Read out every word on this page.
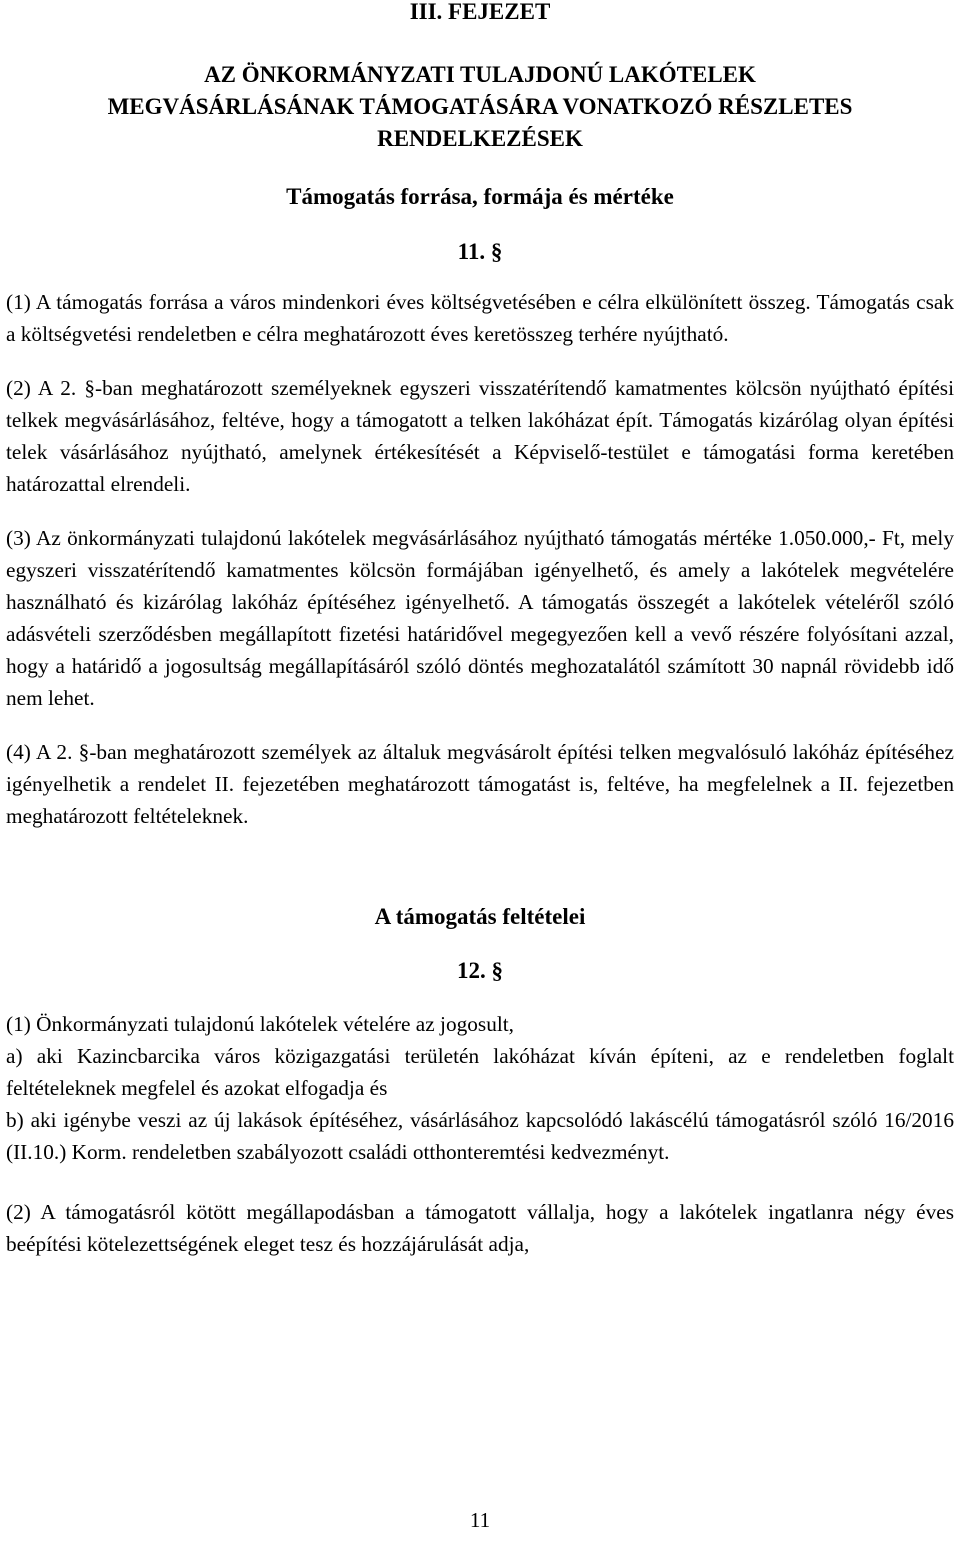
III. FEJEZET

AZ ÖNKORMÁNYZATI TULAJDONÚ LAKÓTELEK

MEGVÁSÁRLÁSÁNAK TÁMOGATÁSÁRA VONATKOZÓ RÉSZLETES

RENDELKEZÉSEK

Támogatás forrása, formája és mértéke

11. §

(1) A támogatás forrása a város mindenkori éves költségvetésében e célra elkülönített összeg. Támogatás csak a költségvetési rendeletben e célra meghatározott éves keretösszeg terhére nyújtható.

(2) A 2. §-ban meghatározott személyeknek egyszeri visszatérítendő kamatmentes kölcsön nyújtható építési telkek megvásárlásához, feltéve, hogy a támogatott a telken lakóházat épít. Támogatás kizárólag olyan építési telek vásárlásához nyújtható, amelynek értékesítését a Képviselő-testület e támogatási forma keretében határozattal elrendeli.

(3) Az önkormányzati tulajdonú lakótelek megvásárlásához nyújtható támogatás mértéke 1.050.000,- Ft, mely egyszeri visszatérítendő kamatmentes kölcsön formájában igényelhető, és amely a lakótelek megvételére használható és kizárólag lakóház építéséhez igényelhető. A támogatás összegét a lakótelek vételéről szóló adásvételi szerződésben megállapított fizetési határidővel megegyezően kell a vevő részére folyósítani azzal, hogy a határidő a jogosultság megállapításáról szóló döntés meghozatalától számított 30 napnál rövidebb idő nem lehet.

(4) A 2. §-ban meghatározott személyek az általuk megvásárolt építési telken megvalósuló lakóház építéséhez igényelhetik a rendelet II. fejezetében meghatározott támogatást is, feltéve, ha megfelelnek a II. fejezetben meghatározott feltételeknek.

A támogatás feltételei

12. §

(1) Önkormányzati tulajdonú lakótelek vételére az jogosult,

a) aki Kazincbarcika város közigazgatási területén lakóházat kíván építeni, az e rendeletben foglalt feltételeknek megfelel és azokat elfogadja és

b) aki igénybe veszi az új lakások építéséhez, vásárlásához kapcsolódó lakáscélú támogatásról szóló 16/2016 (II.10.) Korm. rendeletben szabályozott családi otthonteremtési kedvezményt.

(2) A támogatásról kötött megállapodásban a támogatott vállalja, hogy a lakótelek ingatlanra négy éves beépítési kötelezettségének eleget tesz és hozzájárulását adja,

11
